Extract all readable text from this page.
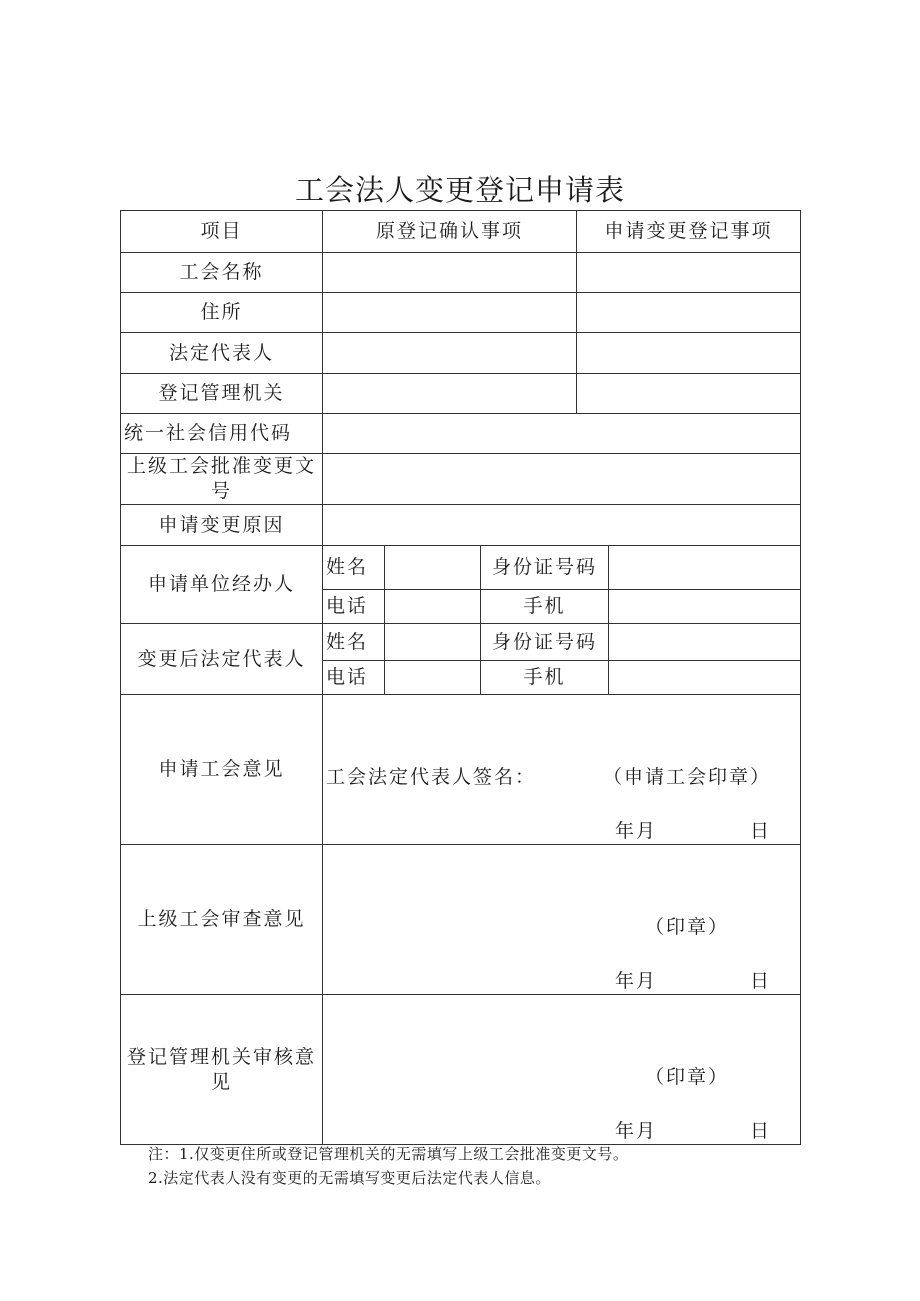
工会法人变更登记申请表
项目	原登记确认事项			申请变更登记事项	
工会名称					
住所					
法定代表人					
登记管理机关					
统一社会信用代码					
上级工会批准变更文号					
申请变更原因					
申请单位经办人	姓名		身份证号码		
	电话		手机		
变更后法定代表人	姓名		身份证号码		
	电话		手机		
申请工会意见	工会法定代表人签名： （申请工会印章）
年月 日				

上级工会审查意见	（印章）
年月 日				

登记管理机关审核意见	（印章）
年月 日				
注：1.仅变更住所或登记管理机关的无需填写上级工会批准变更文号。
2.法定代表人没有变更的无需填写变更后法定代表人信息。
